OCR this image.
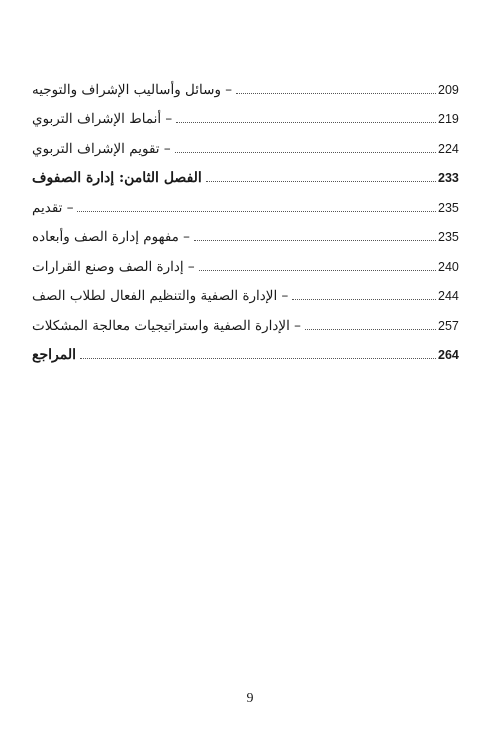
– وسائل وأساليب الإشراف والتوجيه	209
– أنماط الإشراف التربوي	219
– تقويم الإشراف التربوي	224
الفصل الثامن: إدارة الصفوف	233
– تقديم	235
– مفهوم إدارة الصف وأبعاده	235
– إدارة الصف وصنع القرارات	240
– الإدارة الصفية والتنظيم الفعال لطلاب الصف	244
– الإدارة الصفية واستراتيجيات معالجة المشكلات	257
المراجع	264
9
